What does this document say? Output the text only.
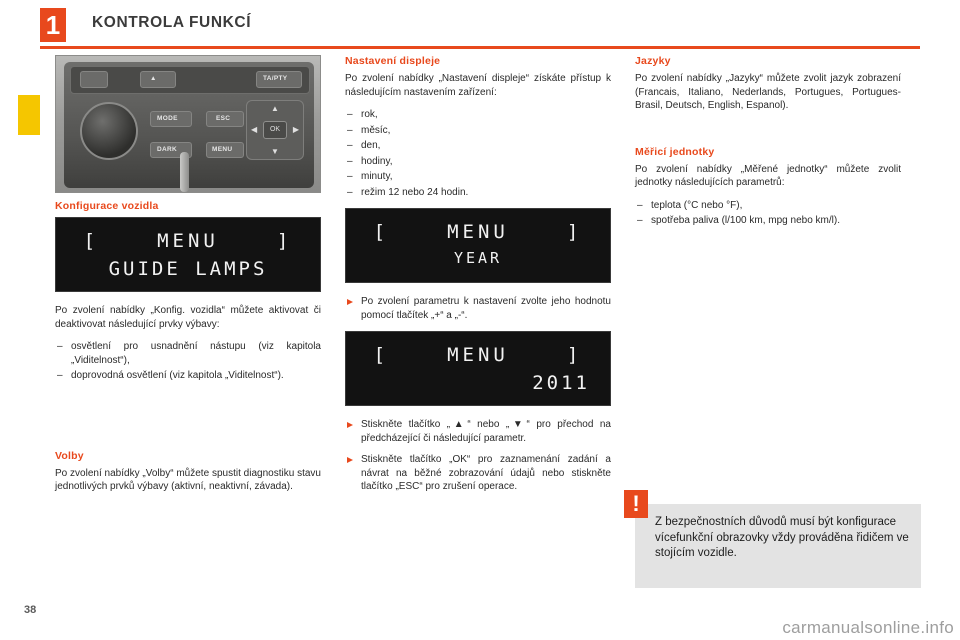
1	KONTROLA FUNKCÍ
▲	TA/PTY
MODE	ESC
DARK	MENU
OK
▲
▼
◀	▶
Konfigurace vozidla
[	MENU	]
GUIDE LAMPS

Po zvolení nabídky „Konfig. vozidla“ můžete aktivovat či deaktivovat následující prvky výbavy:

– osvětlení pro usnadnění nástupu (viz kapitola „Viditelnost“),
– doprovodná osvětlení (viz kapitola „Viditelnost“).
Volby

Po zvolení nabídky „Volby“ můžete spustit diagnostiku stavu jednotlivých prvků výbavy (aktivní, neaktivní, závada).

Nastavení displeje

Po zvolení nabídky „Nastavení displeje“ získáte přístup k následujícím nastavením zařízení:

– rok,
– měsíc,
– den,
– hodiny,
– minuty,
– režim 12 nebo 24 hodin.
[	MENU	]
YEAR
Po zvolení parametru k nastavení zvolte jeho hodnotu pomocí tlačítek „+“ a „-“.
[	MENU	]
2011
Stiskněte tlačítko „▲“ nebo „▼“ pro přechod na předcházející či následující parametr.
Stiskněte tlačítko „OK“ pro zaznamenání zadání a návrat na běžné zobrazování údajů nebo stiskněte tlačítko „ESC“ pro zrušení operace.
Jazyky

Po zvolení nabídky „Jazyky“ můžete zvolit jazyk zobrazení (Francais, Italiano, Nederlands, Portugues, Portugues-Brasil, Deutsch, English, Espanol).

Měřicí jednotky

Po zvolení nabídky „Měřené jednotky“ můžete zvolit jednotky následujících parametrů:

– teplota (°C nebo °F),
– spotřeba paliva (l/100 km, mpg nebo km/l).
!

Z bezpečnostních důvodů musí být konfigurace vícefunkční obrazovky vždy prováděna řidičem ve stojícím vozidle.

38
carmanualsonline.info
